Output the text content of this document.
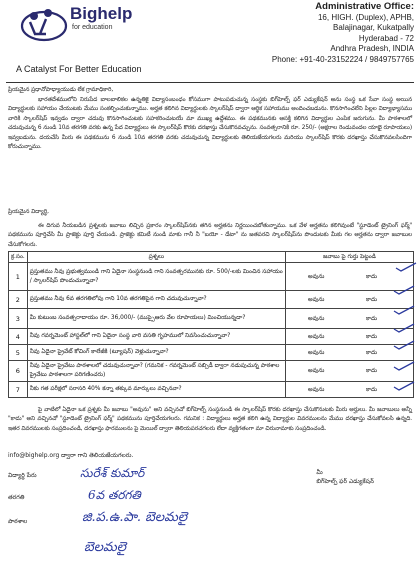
Bighelp
for education
A Catalyst For Better Education
Administrative Office:
16, HIGH. (Duplex), APHB,
Balajinagar, Kukatpally
Hyderabad - 72
Andhra Pradesh, INDIA
Phone: +91-40-23152224 / 9849757765
ప్రియమైన ప్రధానోపాధ్యాయుడు లేక గ్రామాధికారి,
భారతదేశములోని నిరుపేద బాలబాలికల ఉన్నతికై విద్యాసంబంధం కోసముగా పాటుపడుచున్న సంస్థకు బిగ్‌హెల్ప్ ఫర్ ఎడ్యుకేషన్ అను సంస్థ ఒక సేవా సంస్థ అయిన విద్యార్థులకు సహాయం చేయుటకు మేము సంకల్పించుకున్నాము. అర్హత కలిగిన విద్యార్థులకు స్కాలర్‌షిప్ ద్వారా ఆర్థిక సహాయము అందించబడును. కొనసాగించలేని పిల్లల విద్యాభ్యాసము వారికి స్కాలర్‌షిప్ ఇవ్వడం ద్వారా చదువు కొనసాగించుటకు సహకరించుటయే మా ముఖ్య ఉద్దేశము. ఈ పథకమునకు ఆసక్తి కలిగిన విద్యార్థుల ఎంపిక జరుగును. మీ పాఠశాలలో చదువుచున్న 6 నుండి 10వ తరగతి వరకు ఉన్న పేద విద్యార్థులు ఈ స్కాలర్‌షిప్ కొరకు దరఖాస్తు చేసుకొనవచ్చును. సంవత్సరానికి రూ. 250/- (అక్షరాల రెండువందల యాభై రూపాయలు) ఇవ్వబడును. దయచేసి మీరు ఈ పథకమును 6 నుండి 10వ తరగతి వరకు చదువుచున్న విద్యార్థులకు తెలియజేయగలరు మరియు స్కాలర్‌షిప్ కొరకు దరఖాస్తు చేసుకొనవలసిందిగా కోరుచున్నాము.
ప్రియమైన విద్యార్థి,
ఈ దిగువ నీయబడిన ప్రశ్నలకు జవాబు లిచ్చిన ప్రకారం స్కాలర్‌షిప్‌నకు తగిన అర్హతను నిర్ణయించబోతున్నాము. ఒక వేళ అర్హతను కలిగివుంటే "స్టూడెంట్ ట్రైనింగ్ ఫర్మ్" పథకమును పూర్తిచేసి మీ ప్రాజెక్టు పూర్తి చేయండి. ప్రాజెక్టు కమిటీ నుండి మాకు గానీ నీ "బయో - డేటా" ను జతపరచి స్కాలర్‌షిప్‌ను పొందుటకు మీకు గల అర్హతను ద్వారా జవాబుల చేసుకోగలరు.
క్ర.సం.	ప్రశ్నలు	జవాబు పై గుర్తు పెట్టండి
1	ప్రస్తుతము నీవు ప్రభుత్వముండి గాని ఏదైనా సంస్థనుండి గాని సంవత్సరమునకు రూ. 500/-లకు మించిన సహాయం / స్కాలర్‌షిప్ పొందుచున్నావా?	అవును కాదు

2	ప్రస్తుతము నీవు 6వ తరగతిలోపు గాని 10వ తరగతిపైన గాని చదువుచున్నావా?	అవును కాదు

3	మీ కుటుంబ సంవత్సరాదాయం రూ. 36,000/- (ముప్పైఆరు వేల రూపాయలు) మించియున్నదా?	అవును కాదు

4	నీవు గవర్నమెంట్ హాస్టల్‌లో గాని ఏదైనా సంస్థ వారి వసతి గృహములో నివసించుచున్నావా?	అవును కాదు

5	నీవు ఏదైనా ప్రైవేట్ కోచింగ్ కాలేజీకి (ట్యూషన్) వెళ్లుచున్నావా?	అవును కాదు

6	నీవు ఏదైనా ప్రైవేటు పాఠశాలలో చదువుచున్నావా? (గమనిక - గవర్నమెంట్ సబ్సిడీ ద్వారా నడుపుచున్న పాఠశాల ప్రైవేటు పాఠశాలగా పరిగణించరు)	అవును కాదు

7	నీకు గత పరీక్షలో సరాసరి 40% కన్నా తక్కువ మార్కులు వచ్చినవా?	అవును కాదు
పై వాటిలో ఏదైనా ఒక ప్రశ్నకు మీ జవాబు "అవును" అని వచ్చినచో బిగ్‌హెల్ప్ సంస్థనుండి ఈ స్కాలర్‌షిప్ కొరకు దరఖాస్తు చేసుకొనుటకు మీరు అర్హులు. మీ జవాబులు అన్నీ "కాదు" అని వచ్చినచో "స్టూడెంట్ ట్రైనింగ్ ఫర్మ్" పథకమును పూర్తిచేయగలరు. గమనిక : విద్యార్థులు అర్హత కలిగి ఉన్న విద్యార్థుల వివరములను మేము దరఖాస్తు చేసుకోవలసి ఉన్నది. ఇతర వివరములకు సంప్రదించండి, దరఖాస్తు ఫారములను పై మెయిల్ ద్వారా తెలియపరచగలరు లేదా వ్యక్తిగతంగా మా చిరునామాకు సంప్రదించండి.
info@bighelp.org ద్వారా గాని తెలియజేయగలరు.
విద్యార్థి పేరు	సురేశ్ కుమార్
తరగతి	6వ తరగతి
పాఠశాల	జి.ప.ఉ.పా. బెలమలై
బెలమలై
మీ
బిగ్‌హెల్ప్ ఫర్ ఎడ్యుకేషన్
